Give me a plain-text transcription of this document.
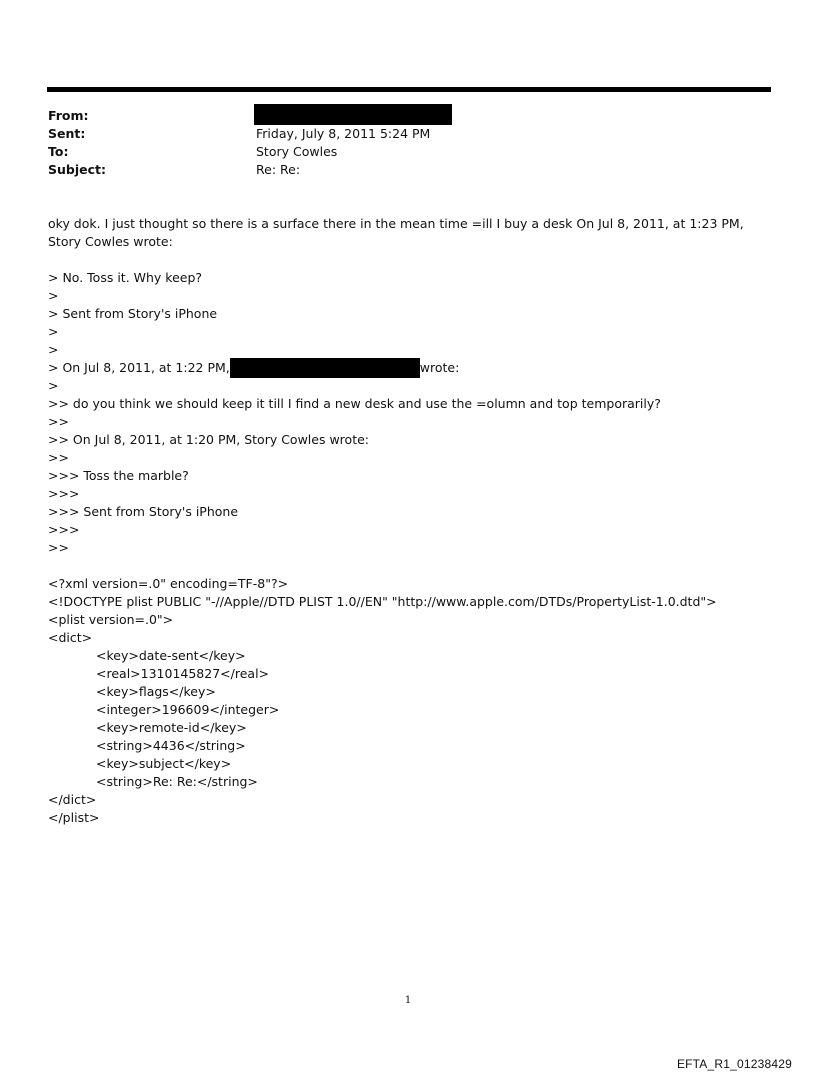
From:
Sent:	Friday, July 8, 2011 5:24 PM
To:	Story Cowles
Subject:	Re: Re:

oky dok. I just thought so there is a surface there in the mean time =ill I buy a desk On Jul 8, 2011, at 1:23 PM, Story Cowles wrote:

> No. Toss it. Why keep?
>
> Sent from Story's iPhone
>
>
> On Jul 8, 2011, at 1:22 PM,	wrote:
>
>> do you think we should keep it till I find a new desk and use the =olumn and top temporarily?
>>
>> On Jul 8, 2011, at 1:20 PM, Story Cowles wrote:
>>
>>> Toss the marble?
>>>
>>> Sent from Story's iPhone
>>>
>>
<?xml version=.0" encoding=TF-8"?>
<!DOCTYPE plist PUBLIC "-//Apple//DTD PLIST 1.0//EN" "http://www.apple.com/DTDs/PropertyList-1.0.dtd">
<plist version=.0">
<dict>
<key>date-sent</key>
<real>1310145827</real>
<key>flags</key>
<integer>196609</integer>
<key>remote-id</key>
<string>4436</string>
<key>subject</key>
<string>Re: Re:</string>
</dict>
</plist>
1
EFTA_R1_01238429
